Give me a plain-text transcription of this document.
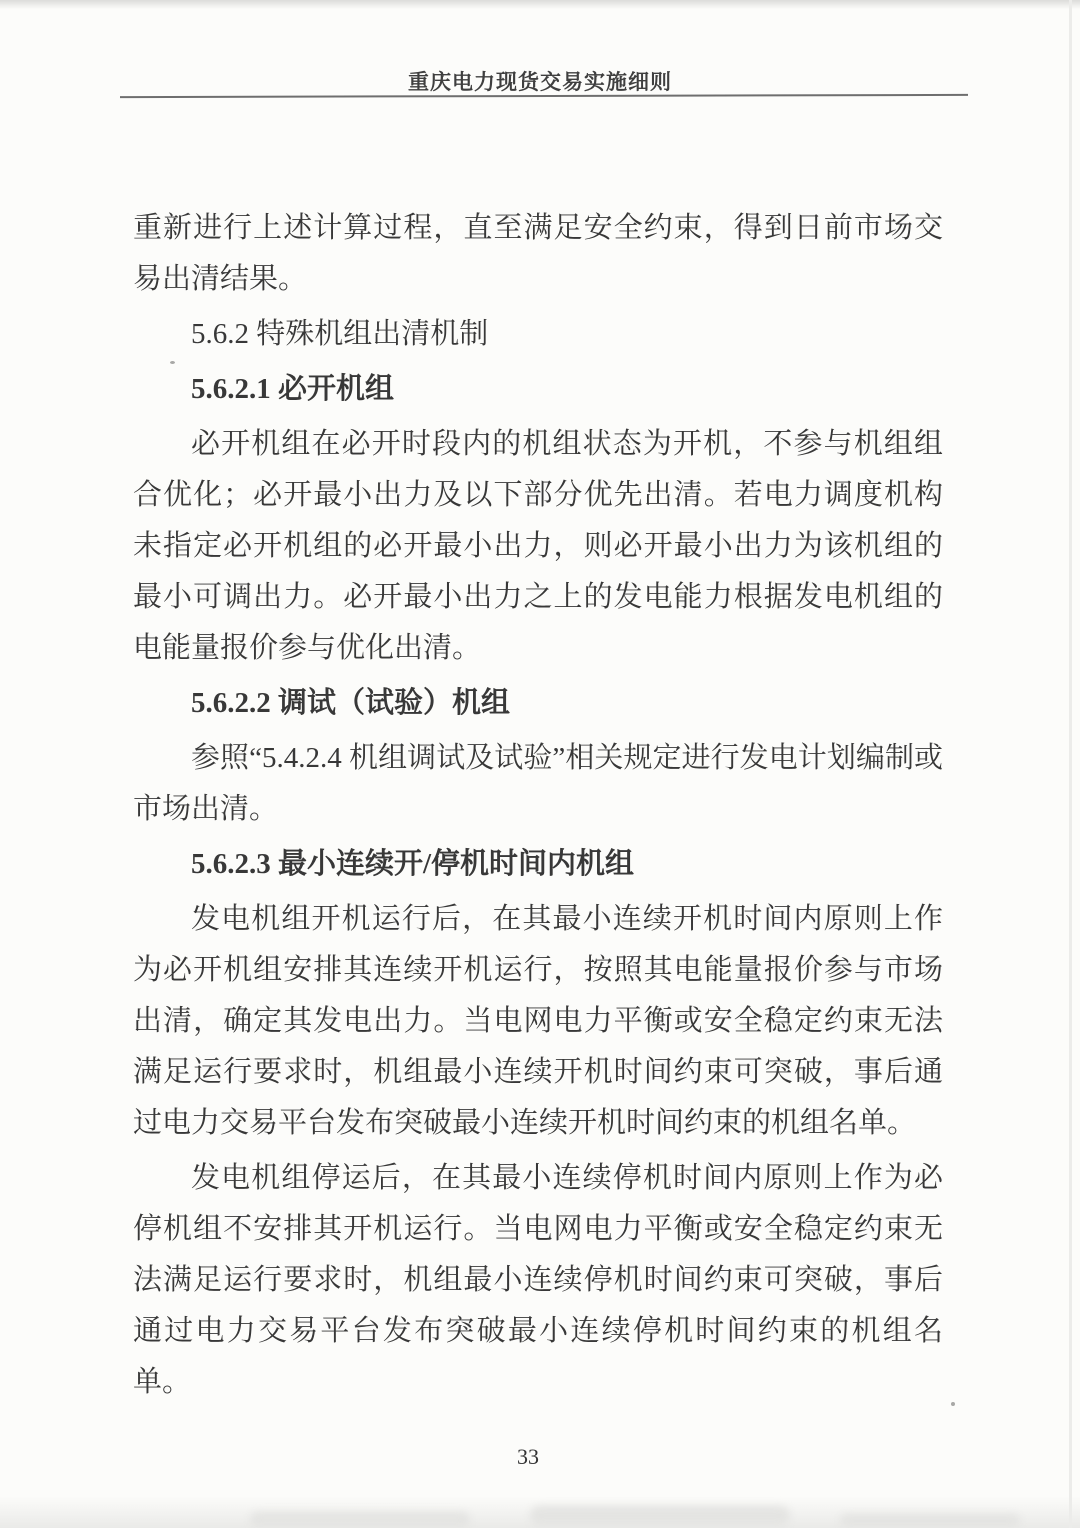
重庆电力现货交易实施细则

重新进行上述计算过程，直至满足安全约束，得到日前市场交易出清结果。

5.6.2 特殊机组出清机制
5.6.2.1 必开机组

必开机组在必开时段内的机组状态为开机，不参与机组组合优化；必开最小出力及以下部分优先出清。若电力调度机构未指定必开机组的必开最小出力，则必开最小出力为该机组的最小可调出力。必开最小出力之上的发电能力根据发电机组的电能量报价参与优化出清。

5.6.2.2 调试（试验）机组

参照“5.4.2.4 机组调试及试验”相关规定进行发电计划编制或市场出清。

5.6.2.3 最小连续开/停机时间内机组

发电机组开机运行后，在其最小连续开机时间内原则上作为必开机组安排其连续开机运行，按照其电能量报价参与市场出清，确定其发电出力。当电网电力平衡或安全稳定约束无法满足运行要求时，机组最小连续开机时间约束可突破，事后通过电力交易平台发布突破最小连续开机时间约束的机组名单。

发电机组停运后，在其最小连续停机时间内原则上作为必停机组不安排其开机运行。当电网电力平衡或安全稳定约束无法满足运行要求时，机组最小连续停机时间约束可突破，事后通过电力交易平台发布突破最小连续停机时间约束的机组名单。

33
